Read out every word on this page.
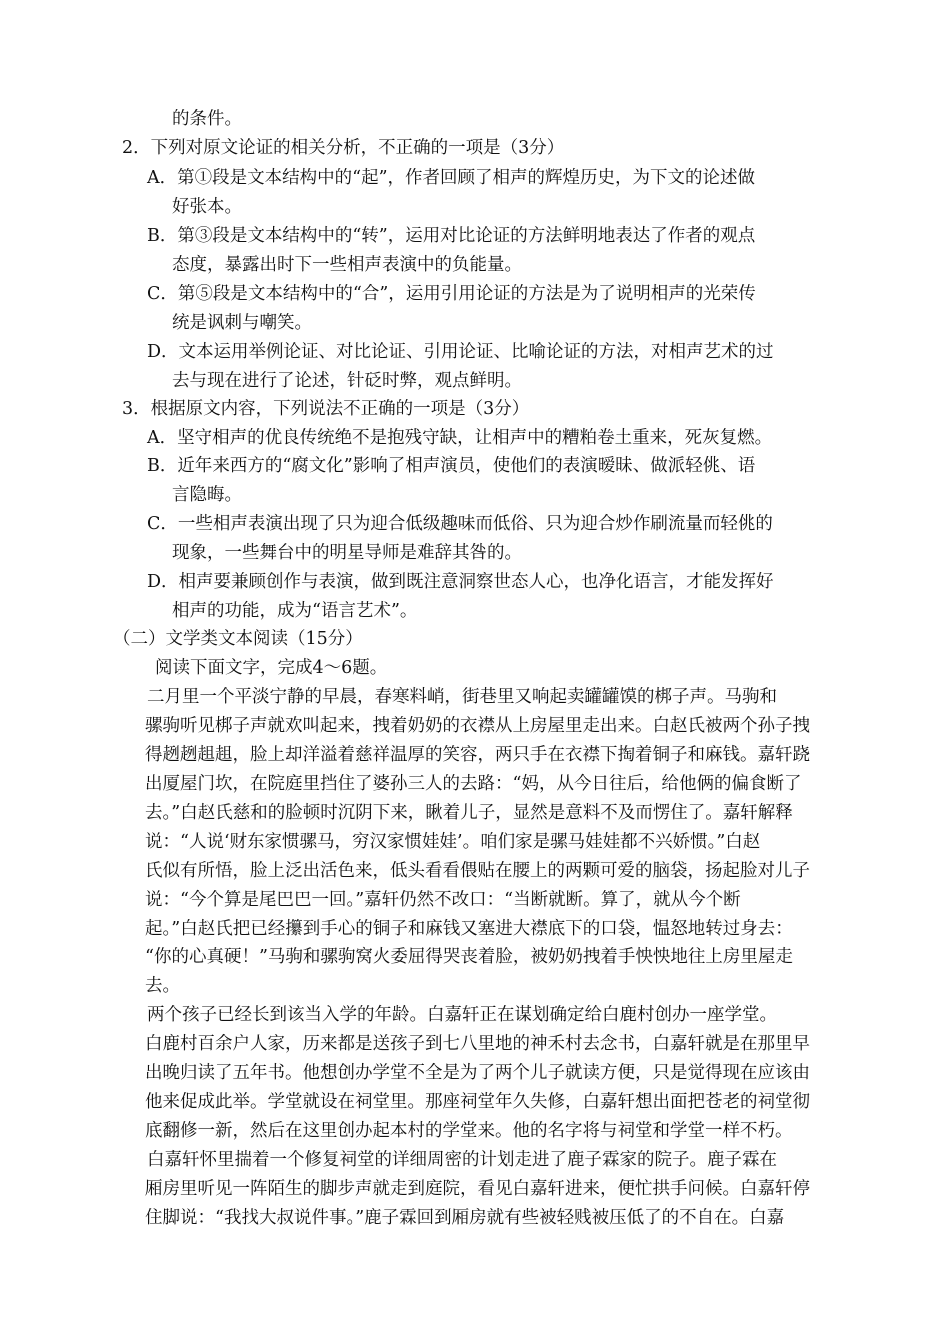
的条件。
2．下列对原文论证的相关分析，不正确的一项是（3分）
A．第①段是文本结构中的“起”，作者回顾了相声的辉煌历史，为下文的论述做
好张本。
B．第③段是文本结构中的“转”，运用对比论证的方法鲜明地表达了作者的观点
态度，暴露出时下一些相声表演中的负能量。
C．第⑤段是文本结构中的“合”，运用引用论证的方法是为了说明相声的光荣传
统是讽刺与嘲笑。
D．文本运用举例论证、对比论证、引用论证、比喻论证的方法，对相声艺术的过
去与现在进行了论述，针砭时弊，观点鲜明。
3．根据原文内容，下列说法不正确的一项是（3分）
A．坚守相声的优良传统绝不是抱残守缺，让相声中的糟粕卷土重来，死灰复燃。
B．近年来西方的“腐文化”影响了相声演员，使他们的表演暧昧、做派轻佻、语
言隐晦。
C．一些相声表演出现了只为迎合低级趣味而低俗、只为迎合炒作刷流量而轻佻的
现象，一些舞台中的明星导师是难辞其咎的。
D．相声要兼顾创作与表演，做到既注意洞察世态人心，也净化语言，才能发挥好
相声的功能，成为“语言艺术”。
（二）文学类文本阅读（15分）
阅读下面文字，完成4～6题。
二月里一个平淡宁静的早晨，春寒料峭，街巷里又响起卖罐罐馍的梆子声。马驹和
骡驹听见梆子声就欢叫起来，拽着奶奶的衣襟从上房屋里走出来。白赵氏被两个孙子拽
得趔趔趄趄，脸上却洋溢着慈祥温厚的笑容，两只手在衣襟下掏着铜子和麻钱。嘉轩跷
出厦屋门坎，在院庭里挡住了婆孙三人的去路：“妈，从今日往后，给他俩的偏食断了
去。”白赵氏慈和的脸顿时沉阴下来，瞅着儿子，显然是意料不及而愣住了。嘉轩解释
说：“人说‘财东家惯骡马，穷汉家惯娃娃’。咱们家是骡马娃娃都不兴娇惯。”白赵
氏似有所悟，脸上泛出活色来，低头看看偎贴在腰上的两颗可爱的脑袋，扬起脸对儿子
说：“今个算是尾巴巴一回。”嘉轩仍然不改口：“当断就断。算了，就从今个断
起。”白赵氏把已经攥到手心的铜子和麻钱又塞进大襟底下的口袋，愠怒地转过身去：
“你的心真硬！”马驹和骡驹窝火委屈得哭丧着脸，被奶奶拽着手怏怏地往上房里屋走
去。
两个孩子已经长到该当入学的年龄。白嘉轩正在谋划确定给白鹿村创办一座学堂。
白鹿村百余户人家，历来都是送孩子到七八里地的神禾村去念书，白嘉轩就是在那里早
出晚归读了五年书。他想创办学堂不全是为了两个儿子就读方便，只是觉得现在应该由
他来促成此举。学堂就设在祠堂里。那座祠堂年久失修，白嘉轩想出面把苍老的祠堂彻
底翻修一新，然后在这里创办起本村的学堂来。他的名字将与祠堂和学堂一样不朽。
白嘉轩怀里揣着一个修复祠堂的详细周密的计划走进了鹿子霖家的院子。鹿子霖在
厢房里听见一阵陌生的脚步声就走到庭院，看见白嘉轩进来，便忙拱手问候。白嘉轩停
住脚说：“我找大叔说件事。”鹿子霖回到厢房就有些被轻贱被压低了的不自在。白嘉
